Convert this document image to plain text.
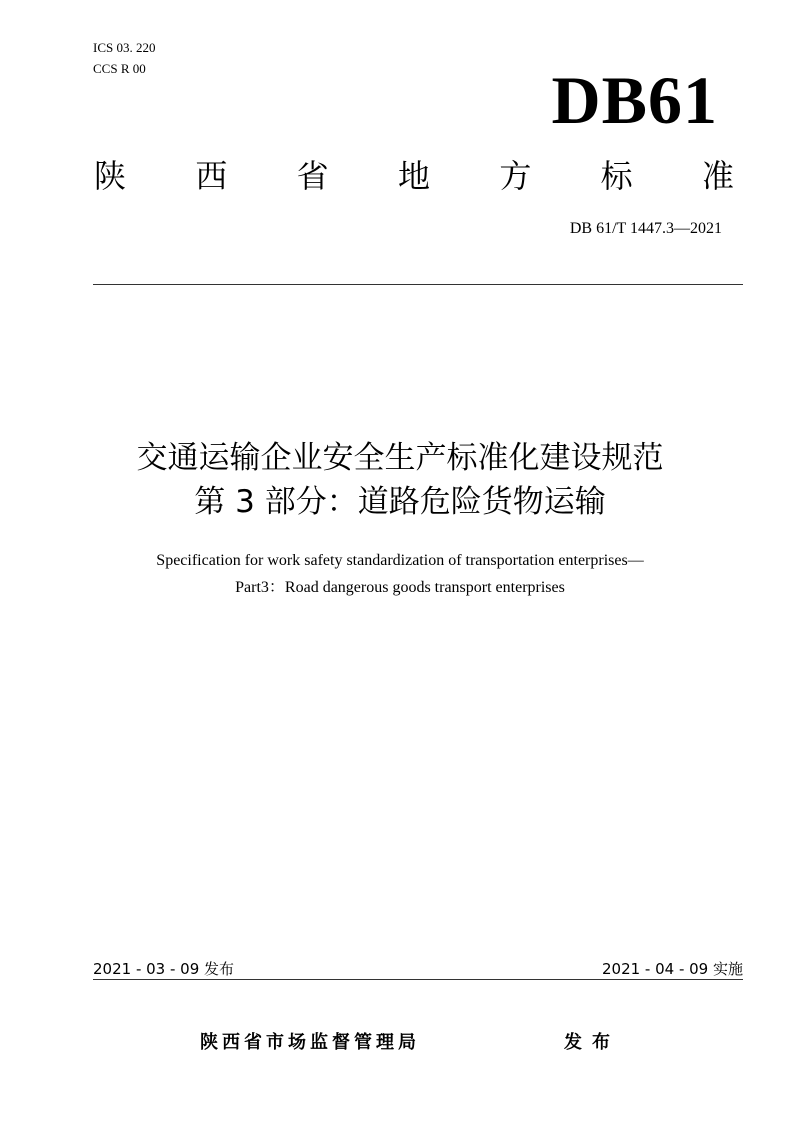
ICS 03. 220
CCS R 00	DB61
陕 西 省 地 方 标 准
DB 61/T 1447.3—2021
交通运输企业安全生产标准化建设规范
第 3 部分：道路危险货物运输
Specification for work safety standardization of transportation enterprises—
Part3：Road dangerous goods transport enterprises
2021 - 03 - 09 发布	2021 - 04 - 09 实施
陕西省市场监督管理局	发布
